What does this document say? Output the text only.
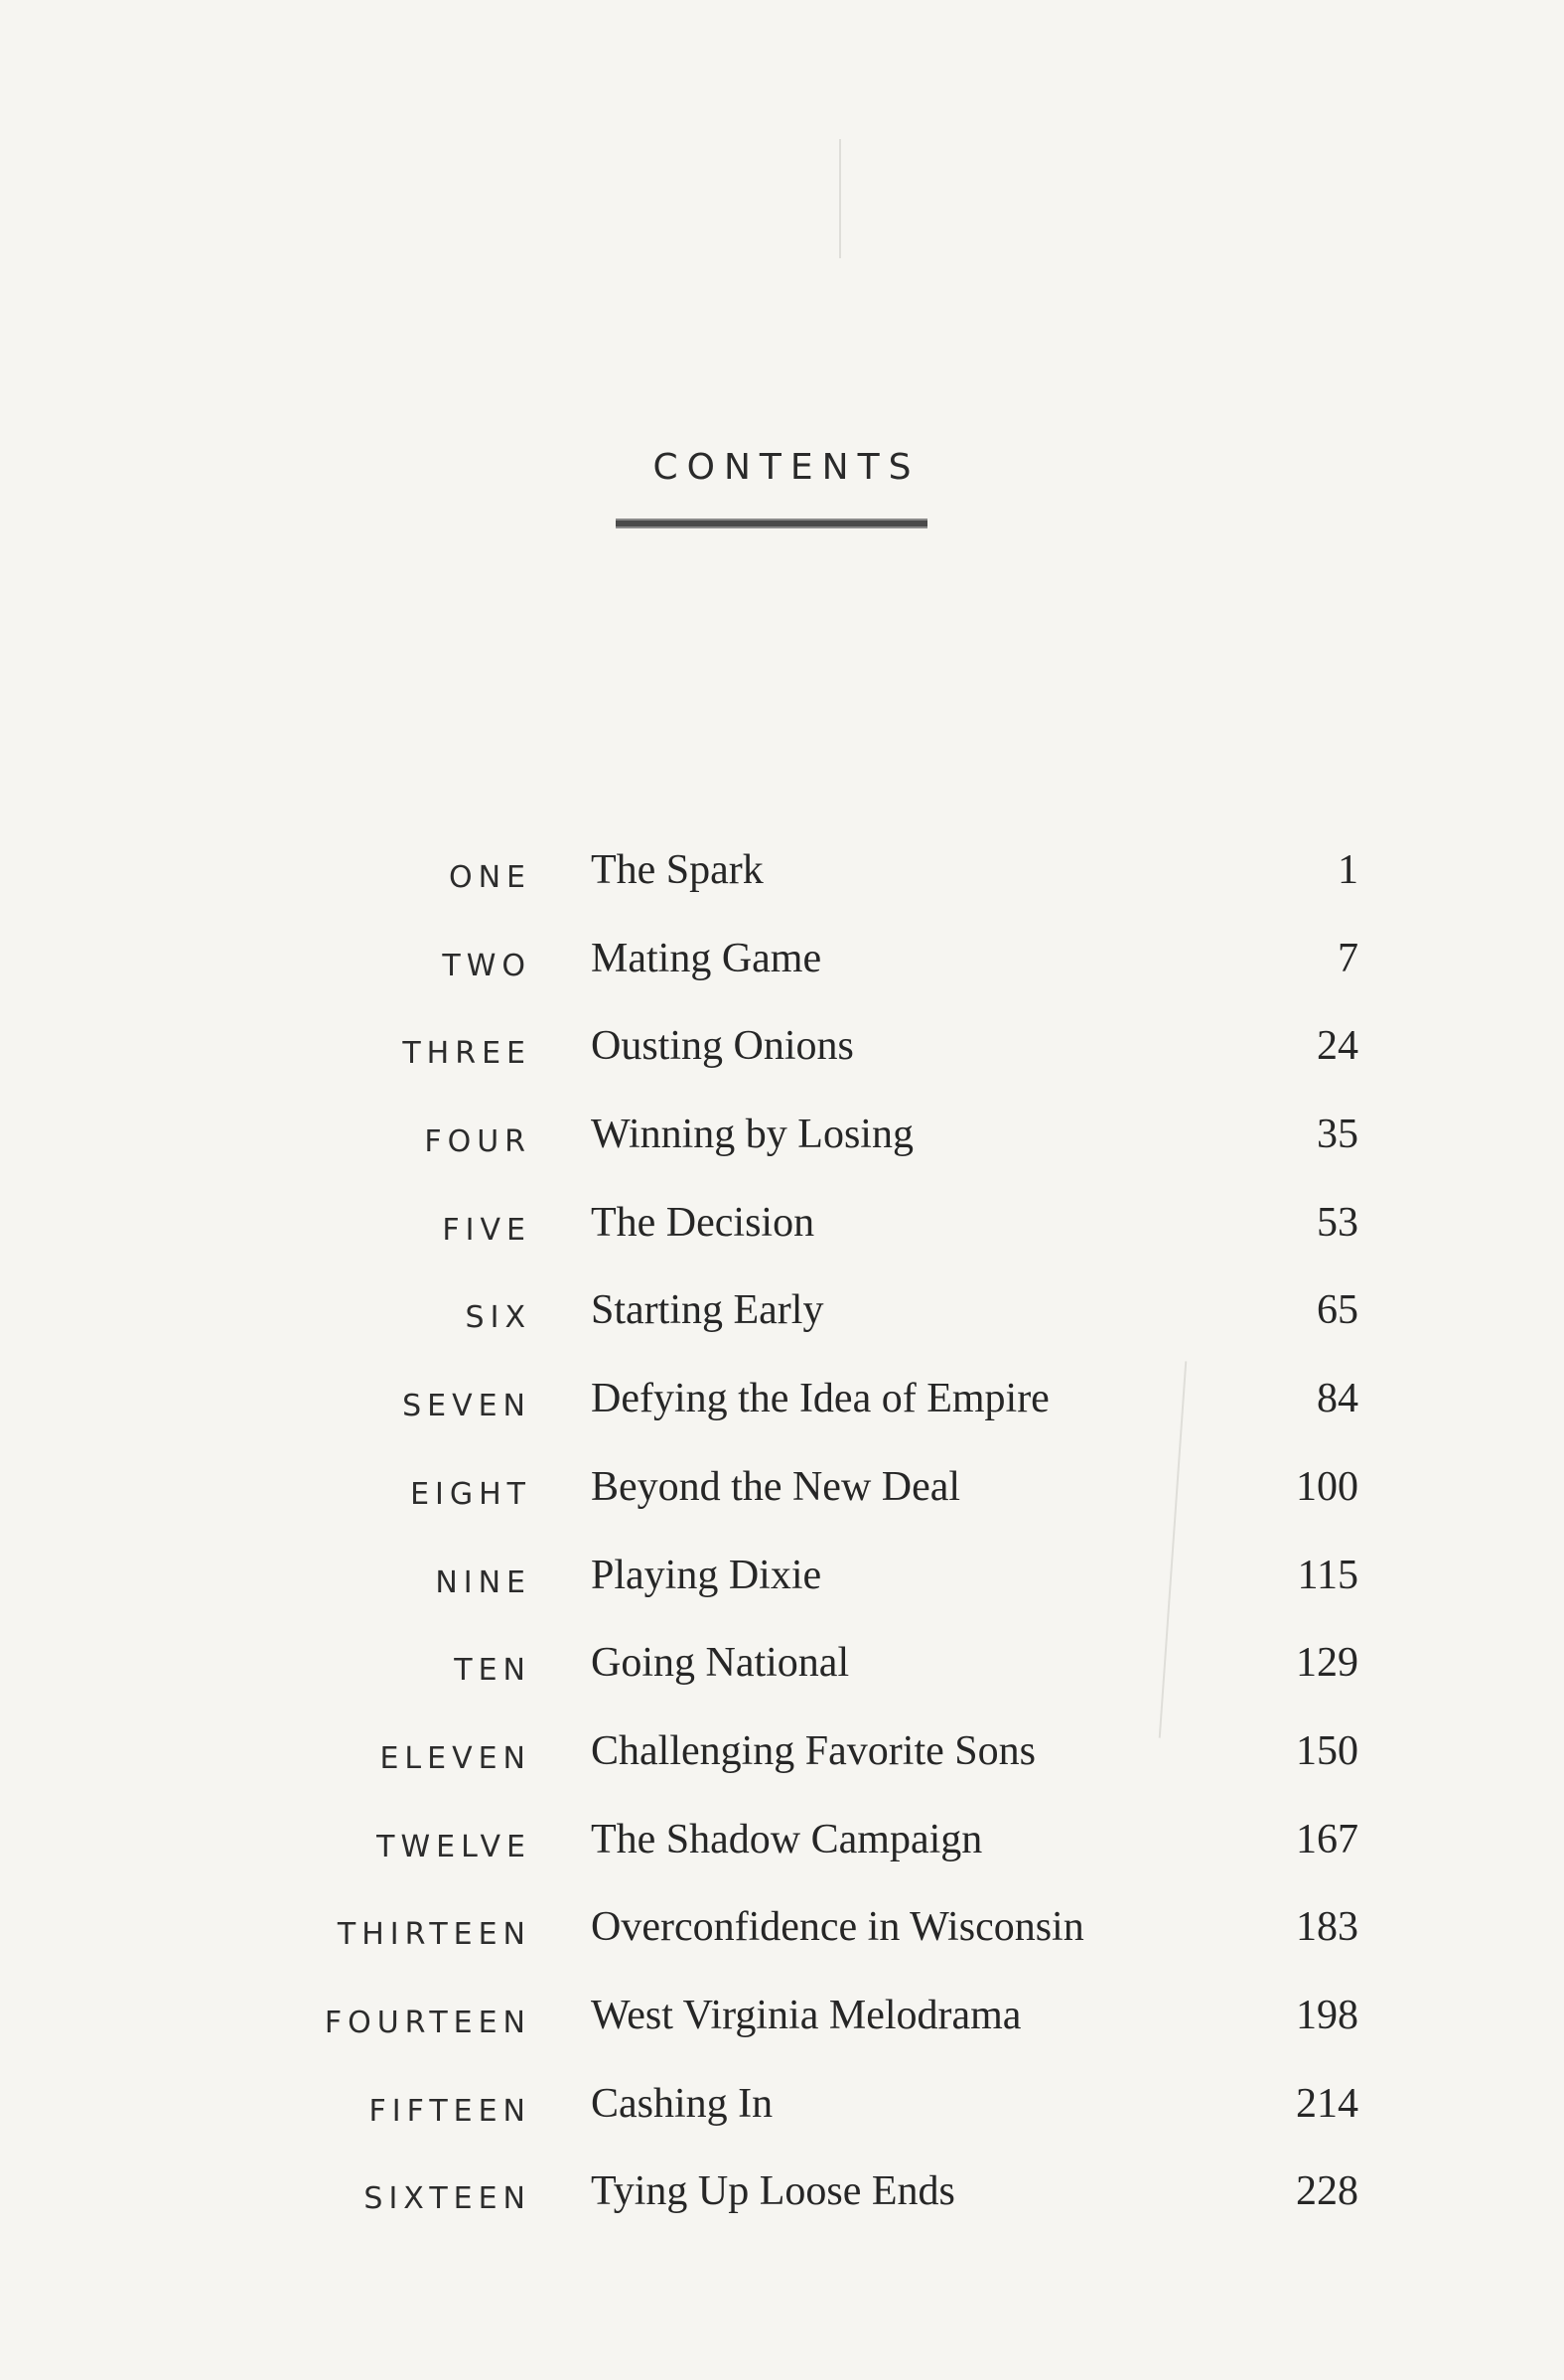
CONTENTS
ONE The Spark	1
TWO Mating Game	7
THREE Ousting Onions	24
FOUR Winning by Losing	35
FIVE The Decision	53
SIX Starting Early	65
SEVEN Defying the Idea of Empire	84
EIGHT Beyond the New Deal	100
NINE Playing Dixie	115
TEN Going National	129
ELEVEN Challenging Favorite Sons	150
TWELVE The Shadow Campaign	167
THIRTEEN Overconfidence in Wisconsin	183
FOURTEEN West Virginia Melodrama	198
FIFTEEN Cashing In	214
SIXTEEN Tying Up Loose Ends	228
